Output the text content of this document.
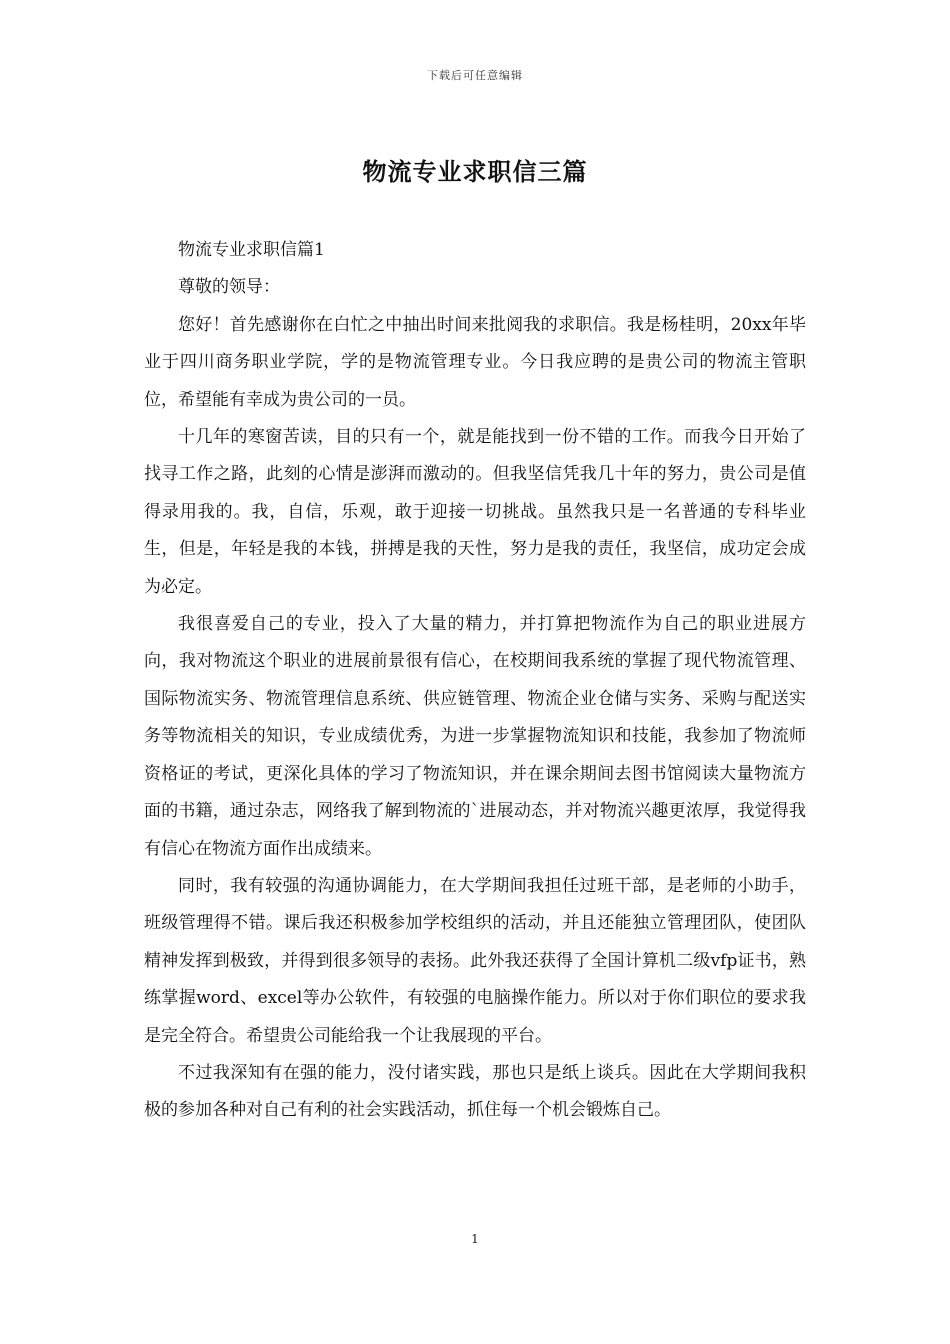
下载后可任意编辑
物流专业求职信三篇

物流专业求职信篇1

尊敬的领导：

您好！首先感谢你在白忙之中抽出时间来批阅我的求职信。我是杨桂明，20xx年毕业于四川商务职业学院，学的是物流管理专业。今日我应聘的是贵公司的物流主管职位，希望能有幸成为贵公司的一员。

十几年的寒窗苦读，目的只有一个，就是能找到一份不错的工作。而我今日开始了找寻工作之路，此刻的心情是澎湃而激动的。但我坚信凭我几十年的努力，贵公司是值得录用我的。我，自信，乐观，敢于迎接一切挑战。虽然我只是一名普通的专科毕业生，但是，年轻是我的本钱，拼搏是我的天性，努力是我的责任，我坚信，成功定会成为必定。

我很喜爱自己的专业，投入了大量的精力，并打算把物流作为自己的职业进展方向，我对物流这个职业的进展前景很有信心，在校期间我系统的掌握了现代物流管理、国际物流实务、物流管理信息系统、供应链管理、物流企业仓储与实务、采购与配送实务等物流相关的知识，专业成绩优秀，为进一步掌握物流知识和技能，我参加了物流师资格证的考试，更深化具体的学习了物流知识，并在课余期间去图书馆阅读大量物流方面的书籍，通过杂志，网络我了解到物流的`进展动态，并对物流兴趣更浓厚，我觉得我有信心在物流方面作出成绩来。

同时，我有较强的沟通协调能力，在大学期间我担任过班干部，是老师的小助手，班级管理得不错。课后我还积极参加学校组织的活动，并且还能独立管理团队，使团队精神发挥到极致，并得到很多领导的表扬。此外我还获得了全国计算机二级vfp证书，熟练掌握word、excel等办公软件，有较强的电脑操作能力。所以对于你们职位的要求我是完全符合。希望贵公司能给我一个让我展现的平台。

不过我深知有在强的能力，没付诸实践，那也只是纸上谈兵。因此在大学期间我积极的参加各种对自己有利的社会实践活动，抓住每一个机会锻炼自己。

1
